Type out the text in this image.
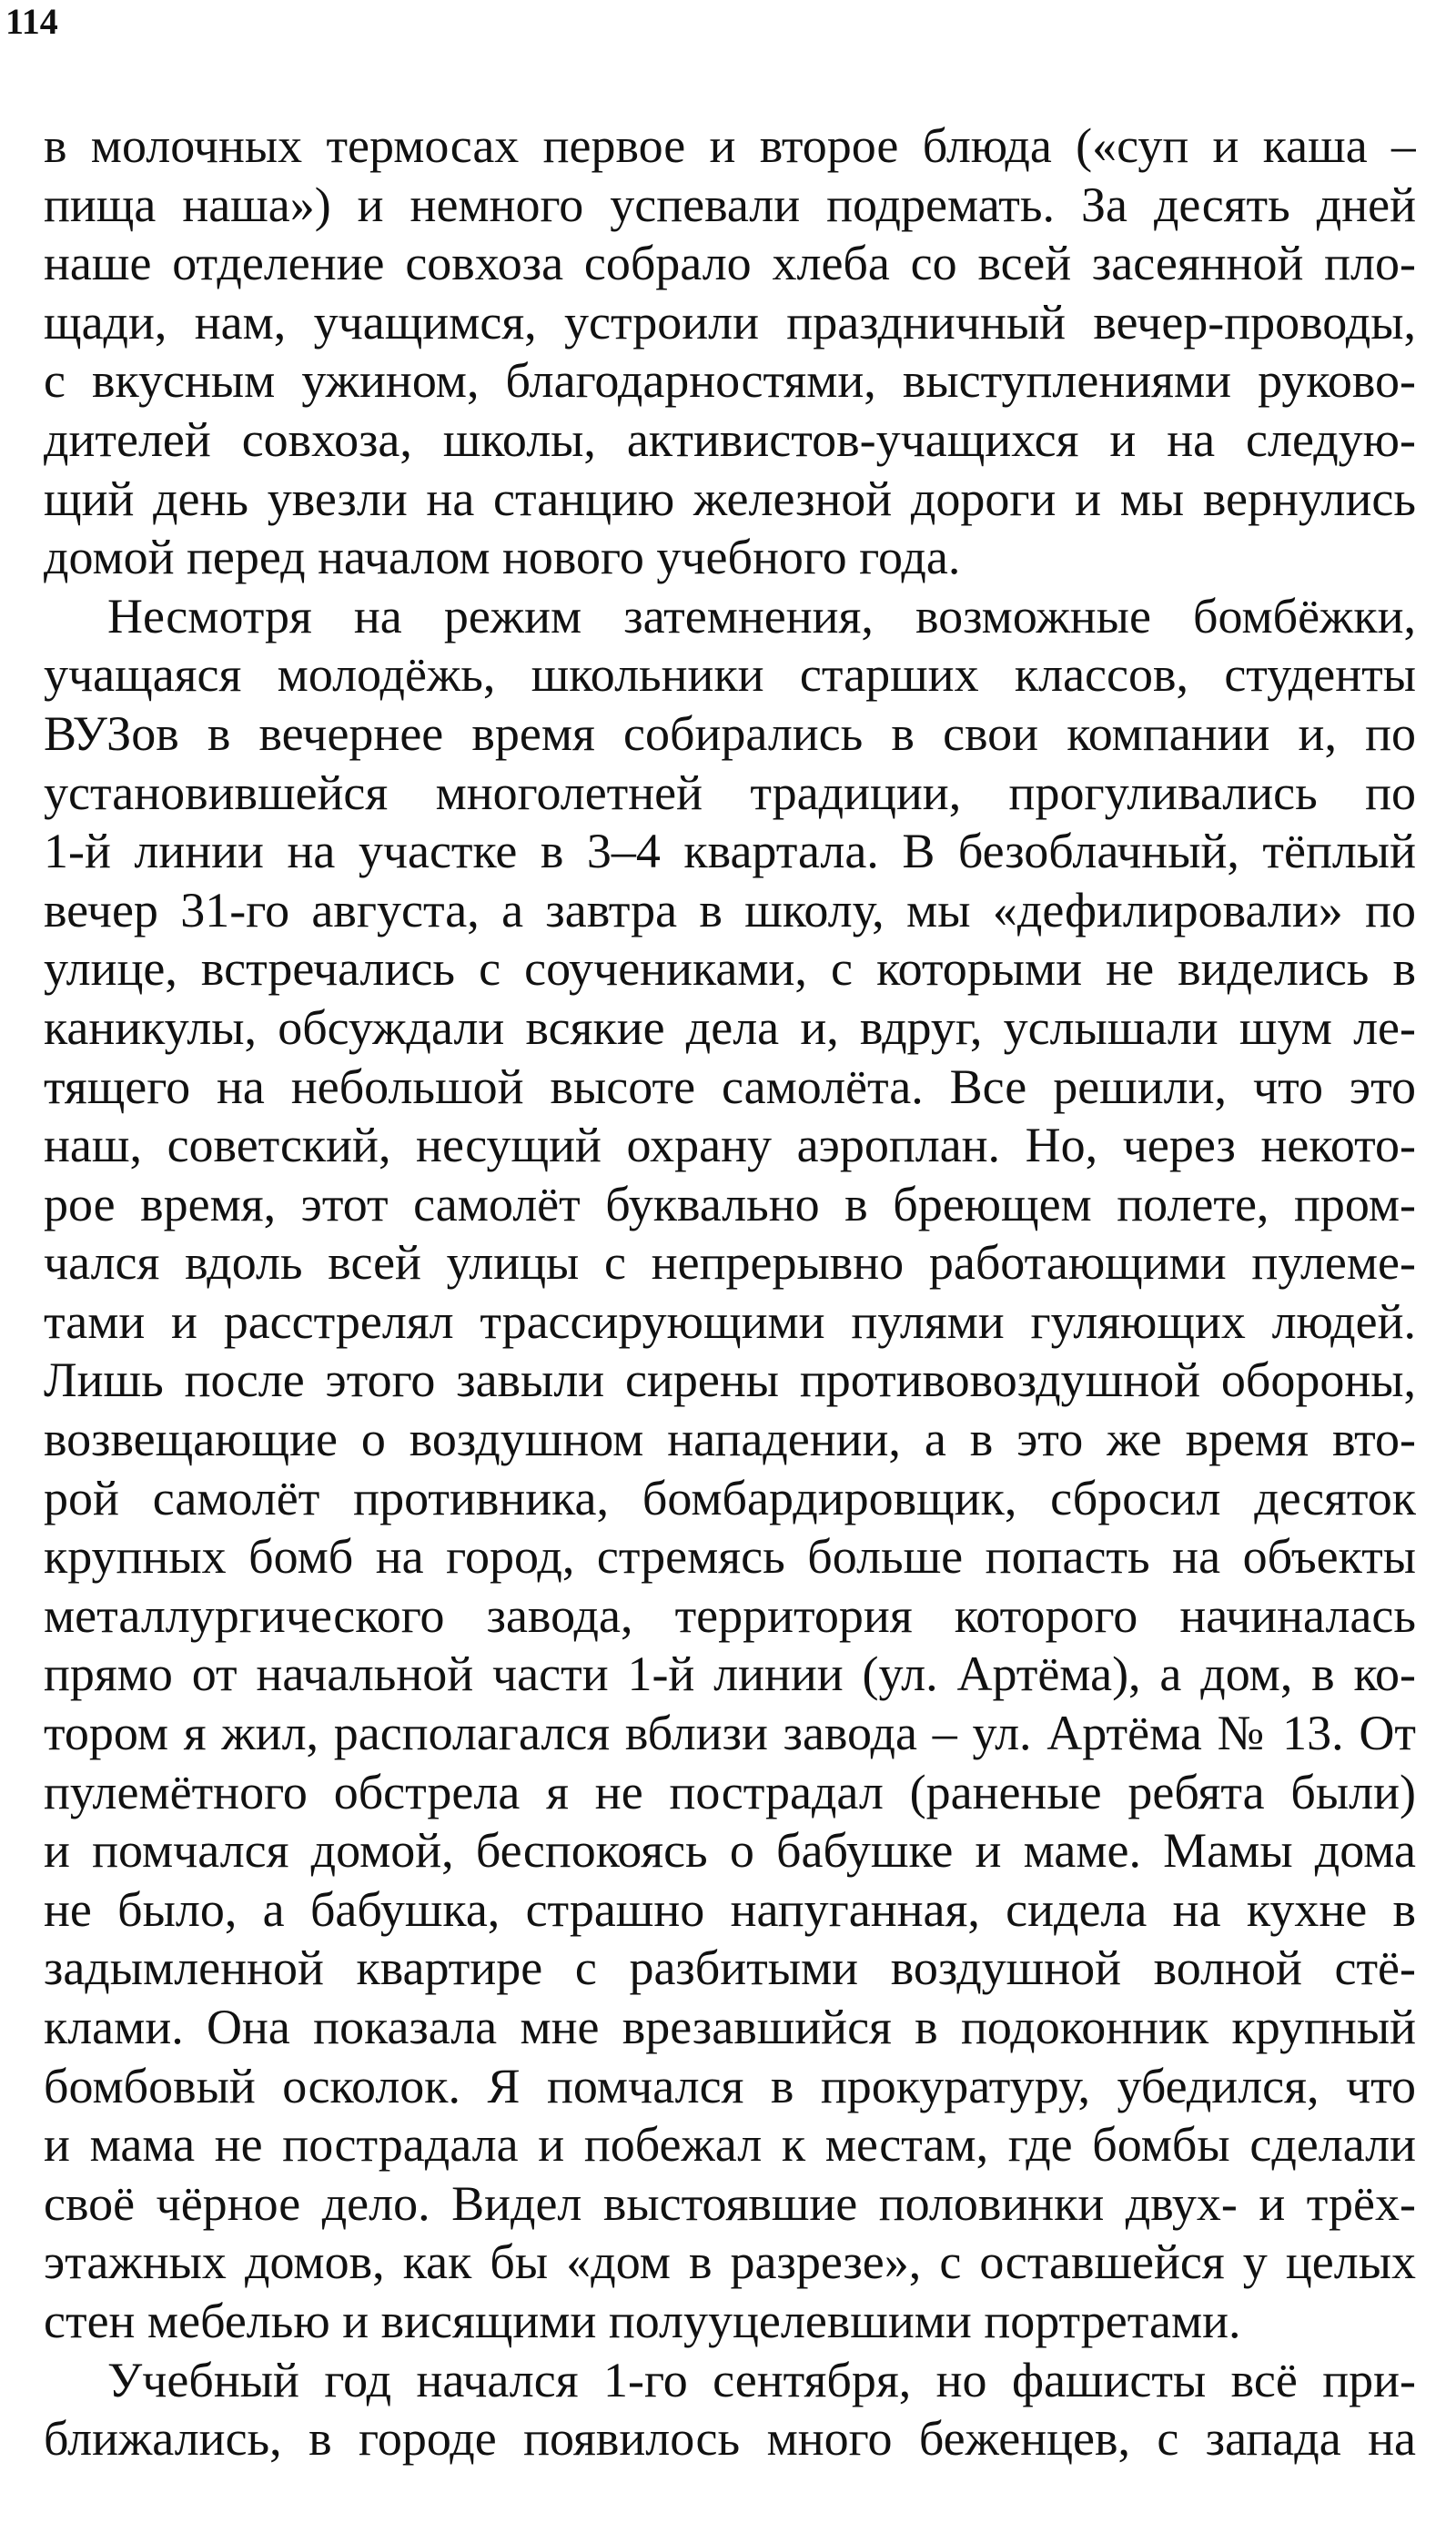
114
в молочных термосах первое и второе блюда («суп и каша –
пища наша») и немного успевали подремать. За десять дней
наше отделение совхоза собрало хлеба со всей засеянной пло-
щади, нам, учащимся, устроили праздничный вечер-проводы,
с вкусным ужином, благодарностями, выступлениями руково-
дителей совхоза, школы, активистов-учащихся и на следую-
щий день увезли на станцию железной дороги и мы вернулись
домой перед началом нового учебного года.
Несмотря на режим затемнения, возможные бомбёжки,
учащаяся молодёжь, школьники старших классов, студенты
ВУЗов в вечернее время собирались в свои компании и, по
установившейся многолетней традиции, прогуливались по
1-й линии на участке в 3–4 квартала. В безоблачный, тёплый
вечер 31-го августа, а завтра в школу, мы «дефилировали» по
улице, встречались с соучениками, с которыми не виделись в
каникулы, обсуждали всякие дела и, вдруг, услышали шум ле-
тящего на небольшой высоте самолёта. Все решили, что это
наш, советский, несущий охрану аэроплан. Но, через некото-
рое время, этот самолёт буквально в бреющем полете, пром-
чался вдоль всей улицы с непрерывно работающими пулеме-
тами и расстрелял трассирующими пулями гуляющих людей.
Лишь после этого завыли сирены противовоздушной обороны,
возвещающие о воздушном нападении, а в это же время вто-
рой самолёт противника, бомбардировщик, сбросил десяток
крупных бомб на город, стремясь больше попасть на объекты
металлургического завода, территория которого начиналась
прямо от начальной части 1-й линии (ул. Артёма), а дом, в ко-
тором я жил, располагался вблизи завода – ул. Артёма № 13. От
пулемётного обстрела я не пострадал (раненые ребята были)
и помчался домой, беспокоясь о бабушке и маме. Мамы дома
не было, а бабушка, страшно напуганная, сидела на кухне в
задымленной квартире с разбитыми воздушной волной стё-
клами. Она показала мне врезавшийся в подоконник крупный
бомбовый осколок. Я помчался в прокуратуру, убедился, что
и мама не пострадала и побежал к местам, где бомбы сделали
своё чёрное дело. Видел выстоявшие половинки двух- и трёх-
этажных домов, как бы «дом в разрезе», с оставшейся у целых
стен мебелью и висящими полууцелевшими портретами.
Учебный год начался 1-го сентября, но фашисты всё при-
ближались, в городе появилось много беженцев, с запада на
